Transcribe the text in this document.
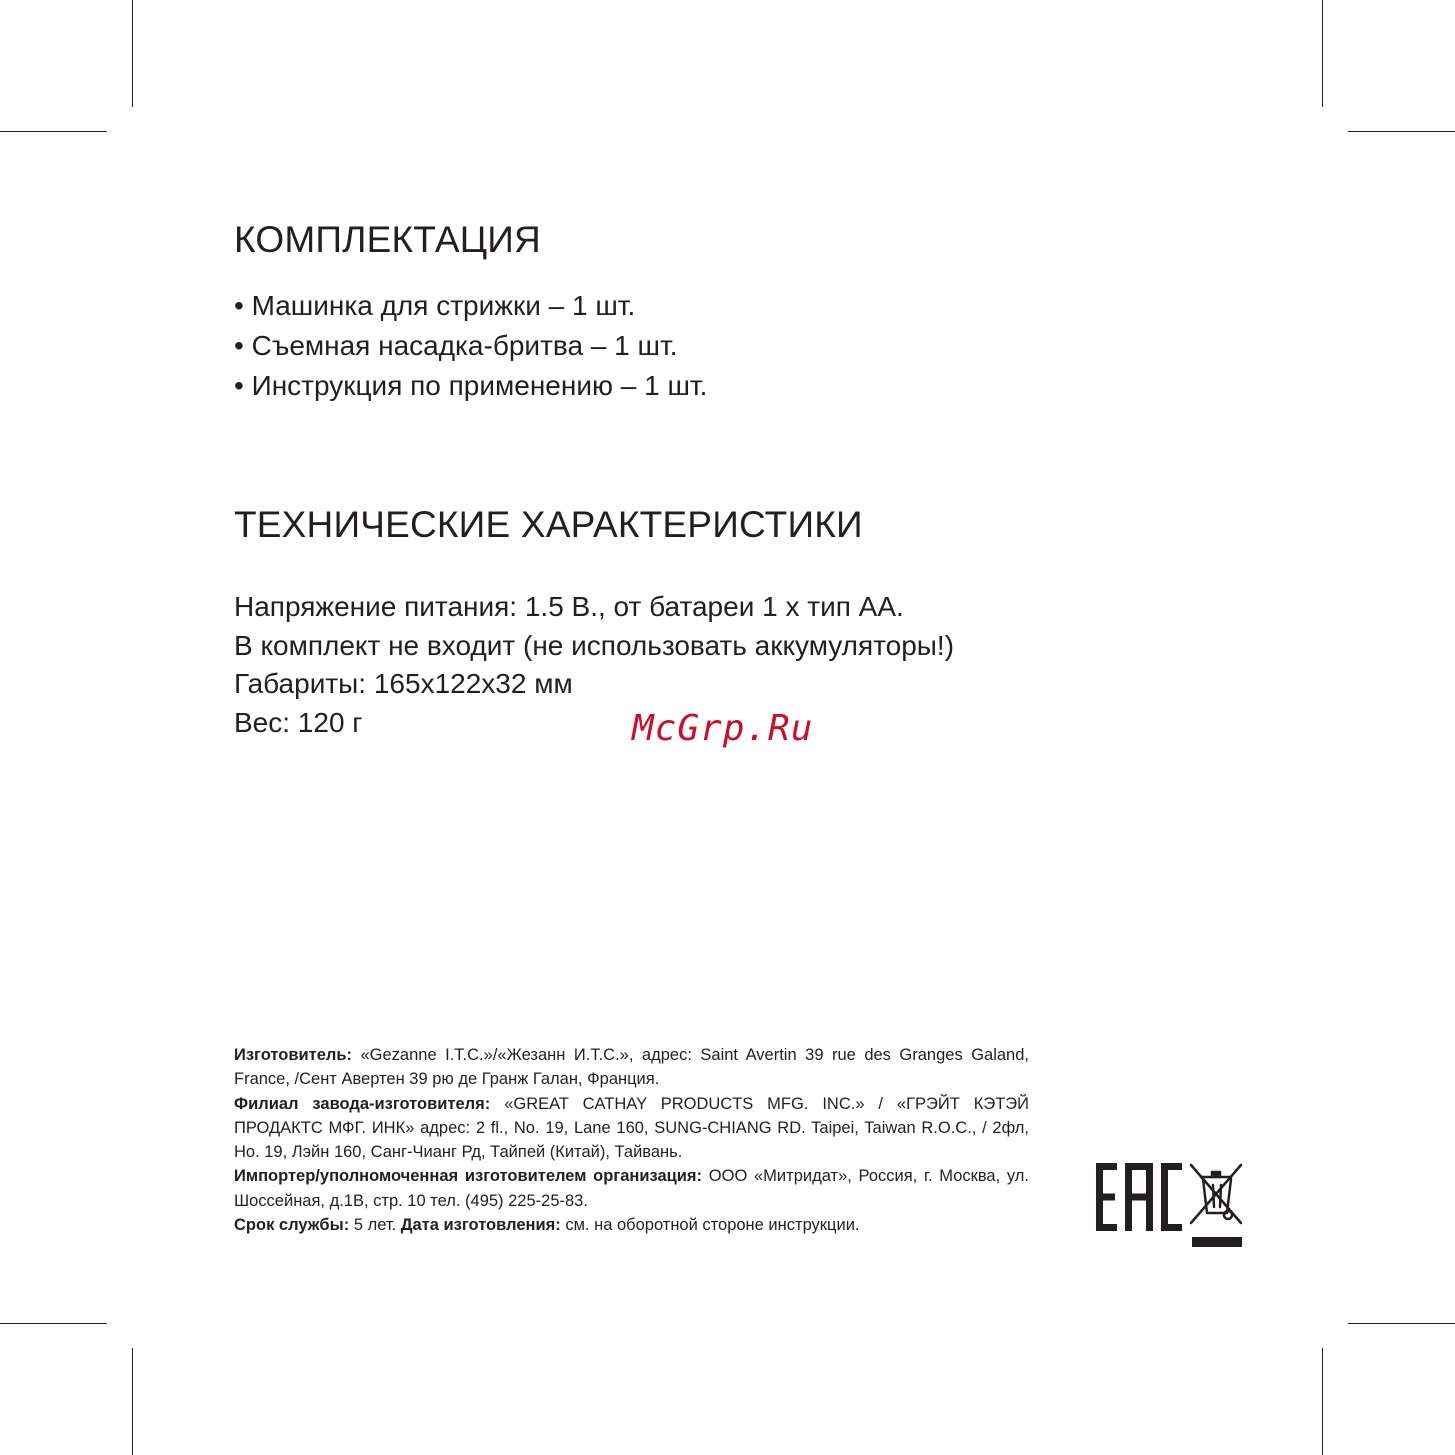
КОМПЛЕКТАЦИЯ
• Машинка для стрижки – 1 шт.
• Съемная насадка-бритва – 1 шт.
• Инструкция по применению – 1 шт.
ТЕХНИЧЕСКИЕ ХАРАКТЕРИСТИКИ
Напряжение питания: 1.5 В., от батареи 1 х тип АА.
В комплект не входит (не использовать аккумуляторы!)
Габариты: 165х122х32 мм
Вес: 120 г	McGrp.Ru

Изготовитель: «Gezanne I.T.C.»/«Жезанн И.Т.С.», адрес: Saint Avertin 39 rue des Granges Galand, France, /Сент Авертен 39 рю де Гранж Галан, Франция.

Филиал завода-изготовителя: «GREAT CATHAY PRODUCTS MFG. INC.» / «ГРЭЙТ КЭТЭЙ ПРОДАКТС МФГ. ИНК» адрес: 2 fl., No. 19, Lane 160, SUNG-CHIANG RD. Taipei, Taiwan R.O.C., / 2фл, Но. 19, Лэйн 160, Санг-Чианг Рд, Тайпей (Китай), Тайвань.

Импортер/уполномоченная изготовителем организация: ООО «Митридат», Россия, г. Москва, ул. Шоссейная, д.1В, стр. 10 тел. (495) 225-25-83.

Срок службы: 5 лет. Дата изготовления: см. на оборотной стороне инструкции.
